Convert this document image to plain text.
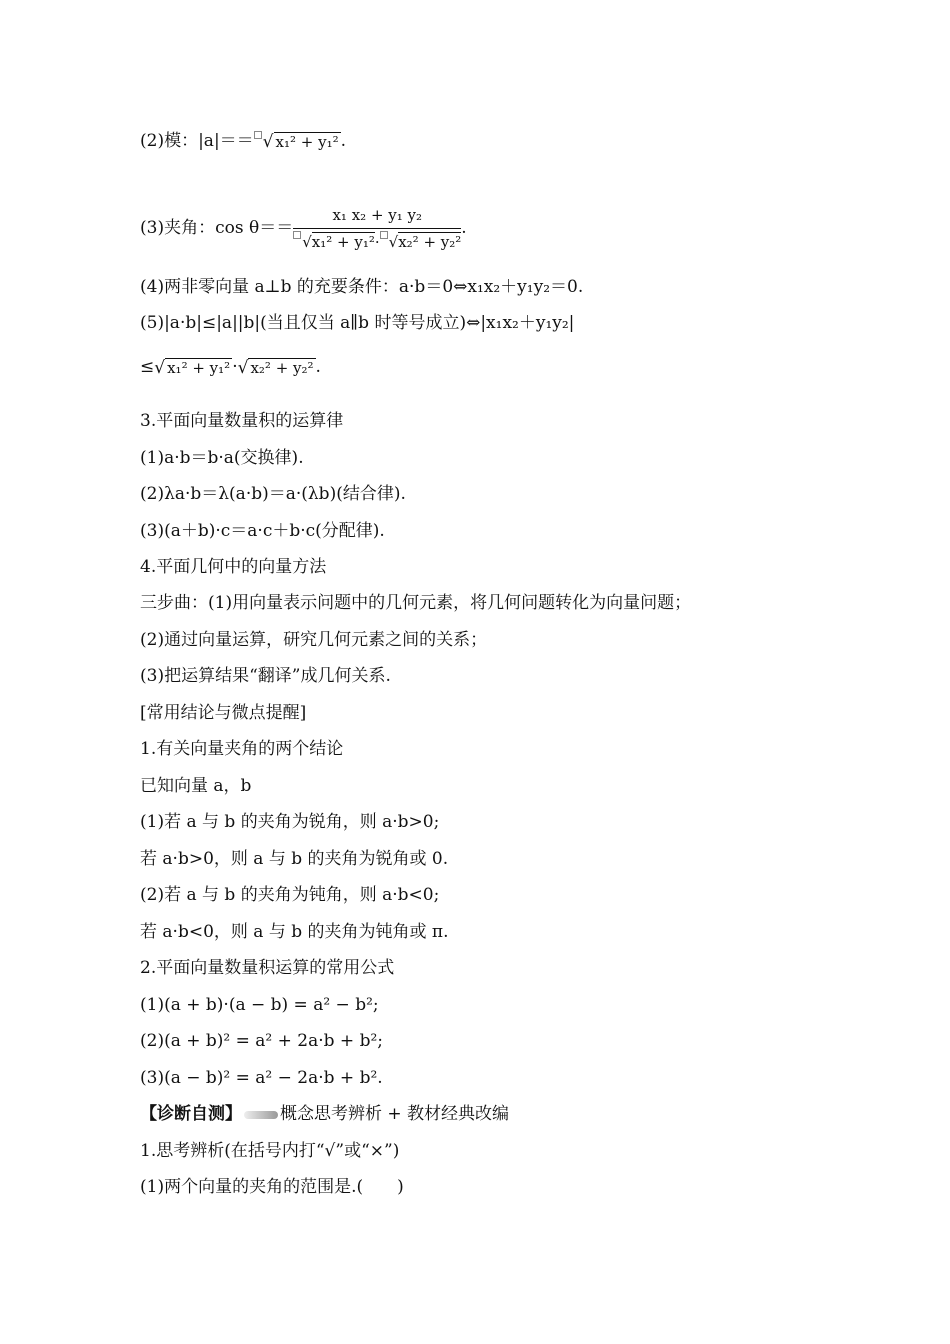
(2)模：|a|＝＝ √ x₁² + y₁² .
(3)夹角：$\cos \theta== \frac{\text{x₁ x₂ + y₁ y₂}}{\text{√x₁² + y₁²· √x₂² + y₂²}}$ .
(4)两非零向量 a⊥b 的充要条件：a·b＝0⇔x₁x₂＋y₁y₂＝0.
(5)|a·b|≤|a||b|(当且仅当 a∥b 时等号成立)⇔|x₁x₂＋y₁y₂|
≤√ x₁² + y₁² ·√ x₂² + y₂² .
3.平面向量数量积的运算律
(1)a·b＝b·a(交换律).
(2)λa·b＝λ(a·b)＝a·(λb)(结合律).
(3)(a＋b)·c＝a·c＋b·c(分配律).
4.平面几何中的向量方法
三步曲：(1)用向量表示问题中的几何元素，将几何问题转化为向量问题；
(2)通过向量运算，研究几何元素之间的关系；
(3)把运算结果“翻译”成几何关系.
[常用结论与微点提醒]
1.有关向量夹角的两个结论
已知向量 a，b
(1)若 a 与 b 的夹角为锐角，则 a·b>0;
若 a·b>0，则 a 与 b 的夹角为锐角或 0.
(2)若 a 与 b 的夹角为钝角，则 a·b<0;
若 a·b<0，则 a 与 b 的夹角为钝角或 π.
2.平面向量数量积运算的常用公式
(1)(a + b)·(a − b) = a² − b²;
(2)(a + b)² = a² + 2a·b + b²;
(3)(a − b)² = a² − 2a·b + b².
【诊断自测】 概念思考辨析 + 教材经典改编
1.思考辨析(在括号内打“√”或“×”)
(1)两个向量的夹角的范围是.(　　)
